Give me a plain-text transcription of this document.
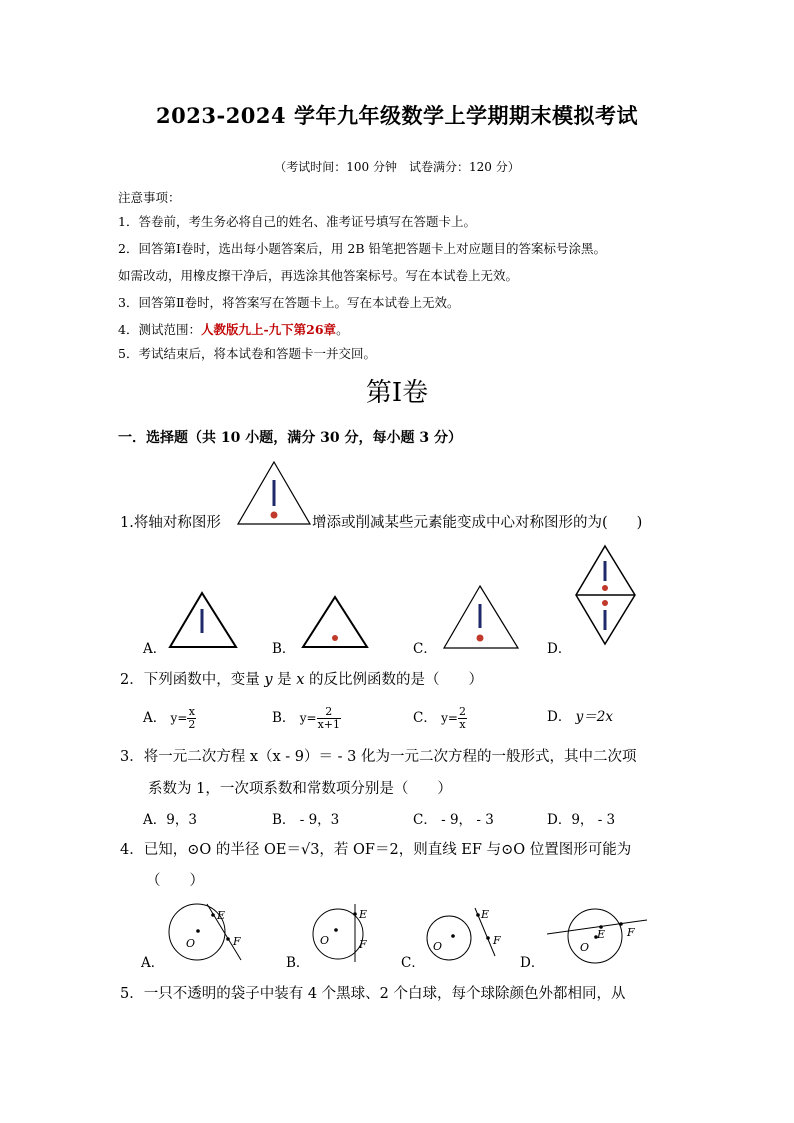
2023-2024 学年九年级数学上学期期末模拟考试
（考试时间：100 分钟　试卷满分：120 分）
注意事项：
1．答卷前，考生务必将自己的姓名、准考证号填写在答题卡上。
2．回答第Ⅰ卷时，选出每小题答案后，用 2B 铅笔把答题卡上对应题目的答案标号涂黑。
如需改动，用橡皮擦干净后，再选涂其他答案标号。写在本试卷上无效。
3．回答第Ⅱ卷时，将答案写在答题卡上。写在本试卷上无效。
4．测试范围：人教版九上-九下第26章。
5．考试结束后，将本试卷和答题卡一并交回。
第Ⅰ卷
一．选择题（共 10 小题，满分 30 分，每小题 3 分）
1.将轴对称图形	增添或削减某些元素能变成中心对称图形的为(　　)
A．	B．	C．	D．
2．下列函数中，变量 y 是 x 的反比例函数的是（　　）
A． $y= \frac{x}{2}$	B． $y= \frac{2}{x+1}$	C． $y= \frac{2}{x}$	D． y＝2x
3．将一元二次方程 x（x - 9）＝ - 3 化为一元二次方程的一般形式，其中二次项
系数为 1，一次项系数和常数项分别是（　　）
A．9，3	B． - 9，3	C． - 9， - 3	D．9， - 3
4．已知，⊙O 的半径 OE＝√3，若 OF＝2，则直线 EF 与⊙O 位置图形可能为
（　　）
A．
O
E
F
B．
O
E
F
C．
O
E
F
D．
O
E F
5．一只不透明的袋子中装有 4 个黑球、2 个白球，每个球除颜色外都相同，从
